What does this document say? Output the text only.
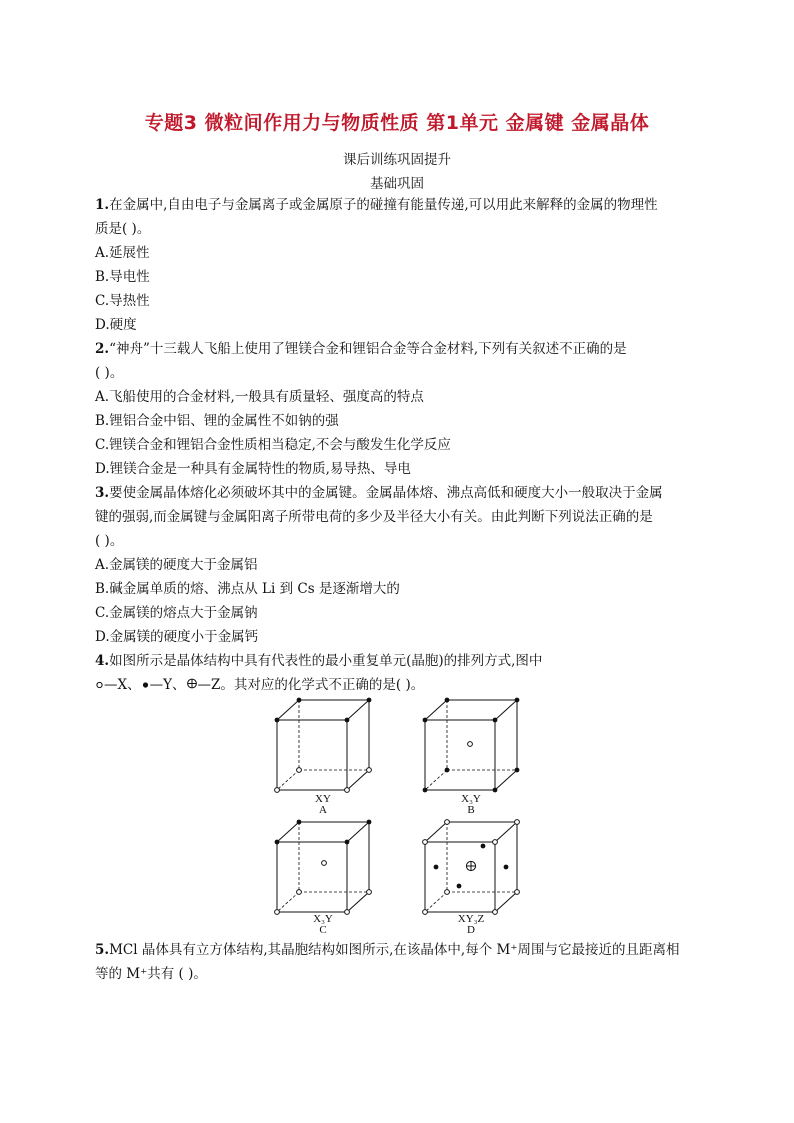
专题3 微粒间作用力与物质性质 第1单元 金属键 金属晶体
课后训练巩固提升
基础巩固
1.在金属中,自由电子与金属离子或金属原子的碰撞有能量传递,可以用此来解释的金属的物理性
质是( )。
A.延展性
B.导电性
C.导热性
D.硬度
2.“神舟”十三载人飞船上使用了锂镁合金和锂铝合金等合金材料,下列有关叙述不正确的是
( )。
A.飞船使用的合金材料,一般具有质量轻、强度高的特点
B.锂铝合金中铝、锂的金属性不如钠的强
C.锂镁合金和锂铝合金性质相当稳定,不会与酸发生化学反应
D.锂镁合金是一种具有金属特性的物质,易导热、导电
3.要使金属晶体熔化必须破坏其中的金属键。金属晶体熔、沸点高低和硬度大小一般取决于金属
键的强弱,而金属键与金属阳离子所带电荷的多少及半径大小有关。由此判断下列说法正确的是
( )。
A.金属镁的硬度大于金属铝
B.碱金属单质的熔、沸点从 Li 到 Cs 是逐渐增大的
C.金属镁的熔点大于金属钠
D.金属镁的硬度小于金属钙
4.如图所示是晶体结构中具有代表性的最小重复单元(晶胞)的排列方式,图中
—X、 —Y、 —Z。其对应的化学式不正确的是( )。
XY
A
X₃Y
B
X₃Y
C
XY₃Z
D
5.MCl 晶体具有立方体结构,其晶胞结构如图所示,在该晶体中,每个 M⁺周围与它最接近的且距离相
等的 M⁺共有 ( )。
